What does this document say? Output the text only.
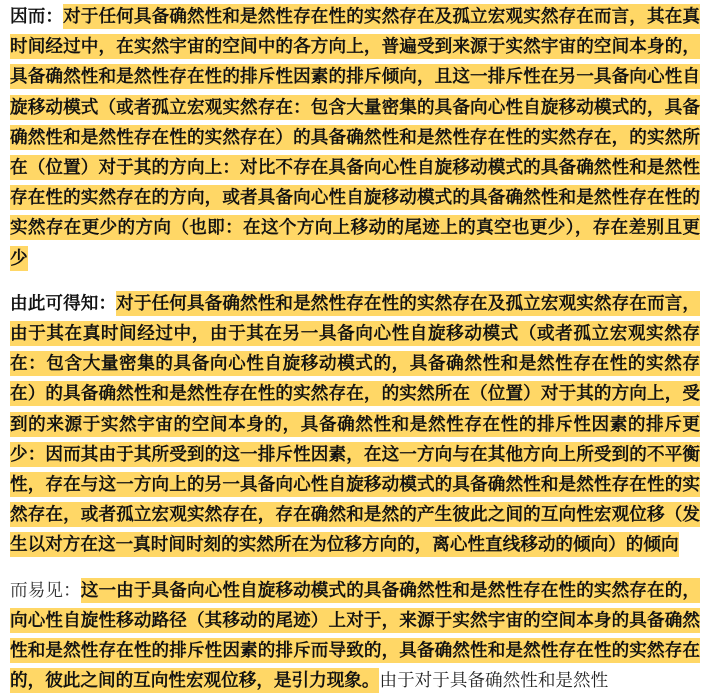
因而：对于任何具备确然性和是然性存在性的实然存在及孤立宏观实然存在而言，其在真时间经过中，在实然宇宙的空间中的各方向上，普遍受到来源于实然宇宙的空间本身的，具备确然性和是然性存在性的排斥性因素的排斥倾向，且这一排斥性在另一具备向心性自旋移动模式（或者孤立宏观实然存在：包含大量密集的具备向心性自旋移动模式的，具备确然性和是然性存在性的实然存在）的具备确然性和是然性存在性的实然存在，的实然所在（位置）对于其的方向上：对比不存在具备向心性自旋移动模式的具备确然性和是然性存在性的实然存在的方向，或者具备向心性自旋移动模式的具备确然性和是然性存在性的实然存在更少的方向（也即：在这个方向上移动的尾迹上的真空也更少），存在差别且更少

由此可得知：对于任何具备确然性和是然性存在性的实然存在及孤立宏观实然存在而言，由于其在真时间经过中，由于其在另一具备向心性自旋移动模式（或者孤立宏观实然存在：包含大量密集的具备向心性自旋移动模式的，具备确然性和是然性存在性的实然存在）的具备确然性和是然性存在性的实然存在，的实然所在（位置）对于其的方向上，受到的来源于实然宇宙的空间本身的，具备确然性和是然性存在性的排斥性因素的排斥更少：因而其由于其所受到的这一排斥性因素，在这一方向与在其他方向上所受到的不平衡性，存在与这一方向上的另一具备向心性自旋移动模式的具备确然性和是然性存在性的实然存在，或者孤立宏观实然存在，存在确然和是然的产生彼此之间的互向性宏观位移（发生以对方在这一真时间时刻的实然所在为位移方向的，离心性直线移动的倾向）的倾向

而易见：这一由于具备向心性自旋移动模式的具备确然性和是然性存在性的实然存在的，向心性自旋性移动路径（其移动的尾迹）上对于，来源于实然宇宙的空间本身的具备确然性和是然性存在性的排斥性因素的排斥而导致的，具备确然性和是然性存在性的实然存在的，彼此之间的互向性宏观位移，是引力现象。由于对于具备确然性和是然性
